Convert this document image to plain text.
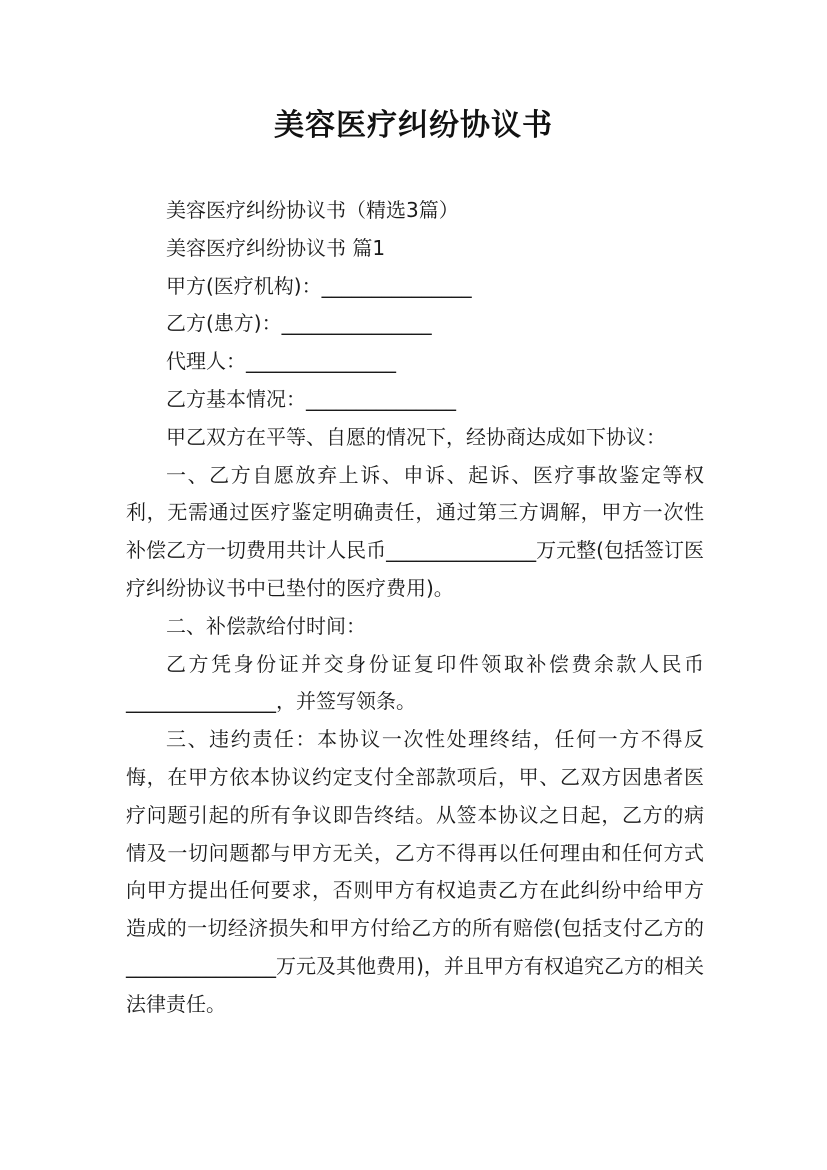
美容医疗纠纷协议书

美容医疗纠纷协议书（精选3篇）

美容医疗纠纷协议书 篇1

甲方(医疗机构)：_______________

乙方(患方)：_______________

代理人：_______________

乙方基本情况：_______________

甲乙双方在平等、自愿的情况下，经协商达成如下协议：

一、乙方自愿放弃上诉、申诉、起诉、医疗事故鉴定等权利，无需通过医疗鉴定明确责任，通过第三方调解，甲方一次性补偿乙方一切费用共计人民币_______________万元整(包括签订医疗纠纷协议书中已垫付的医疗费用)。

二、补偿款给付时间：

乙方凭身份证并交身份证复印件领取补偿费余款人民币_______________，并签写领条。

三、违约责任：本协议一次性处理终结，任何一方不得反悔，在甲方依本协议约定支付全部款项后，甲、乙双方因患者医疗问题引起的所有争议即告终结。从签本协议之日起，乙方的病情及一切问题都与甲方无关，乙方不得再以任何理由和任何方式向甲方提出任何要求，否则甲方有权追责乙方在此纠纷中给甲方造成的一切经济损失和甲方付给乙方的所有赔偿(包括支付乙方的_______________万元及其他费用)，并且甲方有权追究乙方的相关法律责任。
